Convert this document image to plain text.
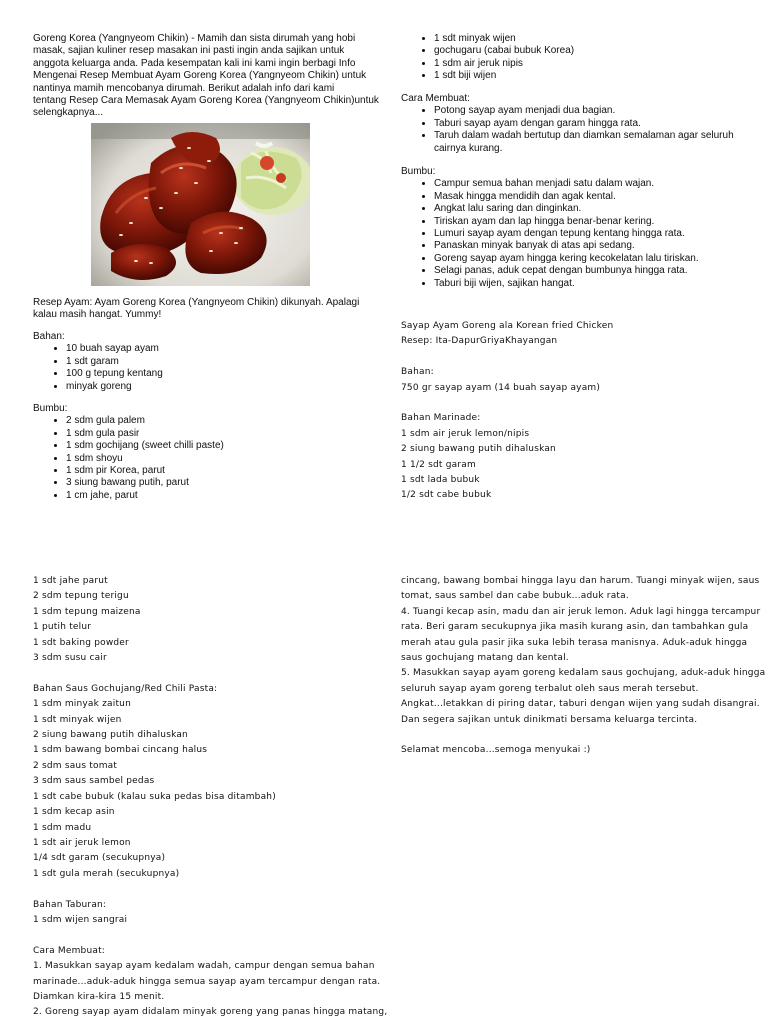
Goreng Korea (Yangnyeom Chikin) - Mamih dan sista dirumah yang hobi

masak, sajian kuliner resep masakan ini pasti ingin anda sajikan untuk

anggota keluarga anda. Pada kesempatan kali ini kami ingin berbagi Info

Mengenai Resep Membuat Ayam Goreng Korea (Yangnyeom Chikin) untuk

nantinya mamih mencobanya dirumah. Berikut adalah info dari kami

tentang Resep Cara Memasak Ayam Goreng Korea (Yangnyeom Chikin)untuk

selengkapnya...

Resep Ayam: Ayam Goreng Korea (Yangnyeom Chikin) dikunyah. Apalagi

kalau masih hangat. Yummy!

Bahan:

• 10 buah sayap ayam
• 1 sdt garam
• 100 g tepung kentang
• minyak goreng

Bumbu:

• 2 sdm gula palem
• 1 sdm gula pasir
• 1 sdm gochijang (sweet chilli paste)
• 1 sdm shoyu
• 1 sdm pir Korea, parut
• 3 siung bawang putih, parut
• 1 cm jahe, parut
• 1 sdt minyak wijen
• gochugaru (cabai bubuk Korea)
• 1 sdm air jeruk nipis
• 1 sdt biji wijen

Cara Membuat:

• Potong sayap ayam menjadi dua bagian.
• Taburi sayap ayam dengan garam hingga rata.
• Taruh dalam wadah bertutup dan diamkan semalaman agar seluruh
cairnya kurang.

Bumbu:

• Campur semua bahan menjadi satu dalam wajan.
• Masak hingga mendidih dan agak kental.
• Angkat lalu saring dan dinginkan.
• Tiriskan ayam dan lap hingga benar-benar kering.
• Lumuri sayap ayam dengan tepung kentang hingga rata.
• Panaskan minyak banyak di atas api sedang.
• Goreng sayap ayam hingga kering kecokelatan lalu tiriskan.
• Selagi panas, aduk cepat dengan bumbunya hingga rata.
• Taburi biji wijen, sajikan hangat.

Sayap Ayam Goreng ala Korean fried Chicken

Resep: Ita-DapurGriyaKhayangan

Bahan:

750 gr sayap ayam (14 buah sayap ayam)

Bahan Marinade:

1 sdm air jeruk lemon/nipis

2 siung bawang putih dihaluskan

1 1/2 sdt garam

1 sdt lada bubuk

1/2 sdt cabe bubuk

1 sdt jahe parut

2 sdm tepung terigu

1 sdm tepung maizena

1 putih telur

1 sdt baking powder

3 sdm susu cair

Bahan Saus Gochujang/Red Chili Pasta:

1 sdm minyak zaitun

1 sdt minyak wijen

2 siung bawang putih dihaluskan

1 sdm bawang bombai cincang halus

2 sdm saus tomat

3 sdm saus sambel pedas

1 sdt cabe bubuk (kalau suka pedas bisa ditambah)

1 sdm kecap asin

1 sdm madu

1 sdt air jeruk lemon

1/4 sdt garam (secukupnya)

1 sdt gula merah (secukupnya)

Bahan Taburan:

1 sdm wijen sangrai

Cara Membuat:

1. Masukkan sayap ayam kedalam wadah, campur dengan semua bahan

marinade...aduk-aduk hingga semua sayap ayam tercampur dengan rata.

Diamkan kira-kira 15 menit.

2. Goreng sayap ayam didalam minyak goreng yang panas hingga matang,

cincang, bawang bombai hingga layu dan harum. Tuangi minyak wijen, saus

tomat, saus sambel dan cabe bubuk...aduk rata.

4. Tuangi kecap asin, madu dan air jeruk lemon. Aduk lagi hingga tercampur

rata. Beri garam secukupnya jika masih kurang asin, dan tambahkan gula

merah atau gula pasir jika suka lebih terasa manisnya. Aduk-aduk hingga

saus gochujang matang dan kental.

5. Masukkan sayap ayam goreng kedalam saus gochujang, aduk-aduk hingga

seluruh sayap ayam goreng terbalut oleh saus merah tersebut.

Angkat...letakkan di piring datar, taburi dengan wijen yang sudah disangrai.

Dan segera sajikan untuk dinikmati bersama keluarga tercinta.

Selamat mencoba...semoga menyukai :)
